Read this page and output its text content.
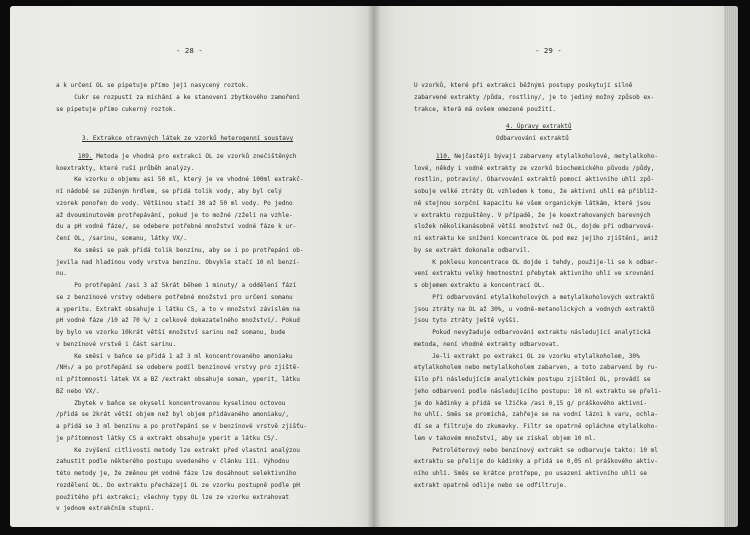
- 28 -
a k určení OL se pipetuje přímo její nasycený roztok.
Cukr se rozpustí za míchání a ke stanovení zbytkového zamoření
se pipetuje přímo cukerný roztok.
3. Extrakce otravných látek ze vzorků heterogenní soustavy
109. Metoda je vhodná pro extrakci OL ze vzorků znečištěných
koextrakty, které ruší průběh analýzy.
Ke vzorku o objemu asi 50 ml, který je ve vhodné 100ml extrakč-
ní nádobě se zúženým hrdlem, se přidá tolik vody, aby byl celý
vzorek ponořen do vody. Většinou stačí 30 až 50 ml vody. Po jedno
až dvouminutovém protřepávání, pokud je to možné /zželí na vzhle-
du a pH vodné fáze/, se odebere potřebné množství vodné fáze k ur-
čení OL, /sarinu, somanu, látky VX/.
Ke směsi se pak přidá tolik benzínu, aby se i po protřepání ob-
jevila nad hladinou vody vrstva benzínu. Obvykle stačí 10 ml benzí-
nu.
Po protřepání /asi 3 až 5krát během 1 minuty/ a oddělení fází
se z benzínové vrstvy odebere potřebné množství pro určení somanu
a yperitu. Extrakt obsahuje i látku CS, a to v množství závislém na
pH vodné fáze /10 až 70 %/ z celkově dokazatelného množství/. Pokud
by bylo ve vzorku 10krát větší množství sarinu než somanu, bude
v benzínové vrstvě i část sarinu.
Ke směsi v baňce se přidá 1 až 3 ml koncentrovaného amoniaku
/NH₃/ a po protřepání se odebere podíl benzínové vrstvy pro zjiště-
ní přítomnosti látek VX a BZ /extrakt obsahuje soman, yperit, látku
BZ nebo VX/.
Zbytek v baňce se okyselí koncentrovanou kyselinou octovou
/přidá se 2krát větší objem než byl objem přidávaného amoniaku/,
a přidá se 3 ml benzínu a po protřepání se v benzínové vrstvě zjišťu-
je přítomnost látky CS a extrakt obsahuje yperit a látku CS/.
Ke zvýšení citlivosti metody lze extrakt před vlastní analýzou
zahustit podle některého postupu uvedeného v článku 111. Výhodou
této metody je, že změnou pH vodné fáze lze dosáhnout selektivního
rozdělení OL. Do extraktu přecházejí OL ze vzorku postupně podle pH
použitého při extrakci; všechny typy OL lze ze vzorku extrahovat
v jednom extrakčním stupni.
- 29 -
U vzorků, které při extrakci běžnými postupy poskytují silně
zabarvené extrakty /půda, rostliny/, je to jediný možný způsob ex-
trakce, která má ovšem omezené použití.
4. Úpravy extraktů
Odbarvování extraktů
110. Nejčastěji bývají zabarveny etylalkoholové, metylalkoho-
lové, někdy i vodné extrakty ze vzorků biochemického původu /půdy,
rostlin, potravin/. Obarvování extraktů pomocí aktivního uhlí způ-
sobuje velké ztráty OL vzhledem k tomu, že aktivní uhlí má přibliž-
ně stejnou sorpční kapacitu ke všem organickým látkám, které jsou
v extraktu rozpuštěny. V případě, že je koextrahovaných barevných
složek několikanásobně větší množství než OL, dojde při odbarvová-
ní extraktu ke snížení koncentrace OL pod mez jejího zjištění, aniž
by se extrakt dokonale odbarvil.
K poklesu koncentrace OL dojde i tehdy, použije-li se k odbar-
vení extraktu velký hmotnostní přebytek aktivního uhlí ve srovnání
s objemem extraktu a koncentrací OL.
Při odbarvování etylalkoholových a metylalkoholových extraktů
jsou ztráty na OL až 30%, u vodně-metanolických a vodných extraktů
jsou tyto ztráty ještě vyšší.
Pokud nevyžaduje odbarvování extraktu následující analytická
metoda, není vhodné extrakty odbarvovat.
Je-li extrakt po extrakci OL ze vzorku etylalkoholem, 30%
etylalkoholem nebo metylalkoholem zabarven, a toto zabarvení by ru-
šilo při následujícím analytickém postupu zjištění OL, provádí se
jeho odbarvení podle následujícího postupu: 10 ml extraktu se přeli-
je do kádinky a přidá se lžička /asi 0,15 g/ práškového aktivní-
ho uhlí. Směs se promíchá, zahřeje se na vodní lázni k varu, ochla-
dí se a filtruje do zkumavky. Filtr se opatrně opláchne etylalkoho-
lem v takovém množství, aby se získal objem 10 ml.
Petroléterový nebo benzínový extrakt se odbarvuje takto: 10 ml
extraktu se přelije do kádinky a přidá se 0,05 ml práškového aktiv-
ního uhlí. Směs se krátce protřepe, po usazení aktivního uhlí se
extrakt opatrně odlije nebo se odfiltruje.
